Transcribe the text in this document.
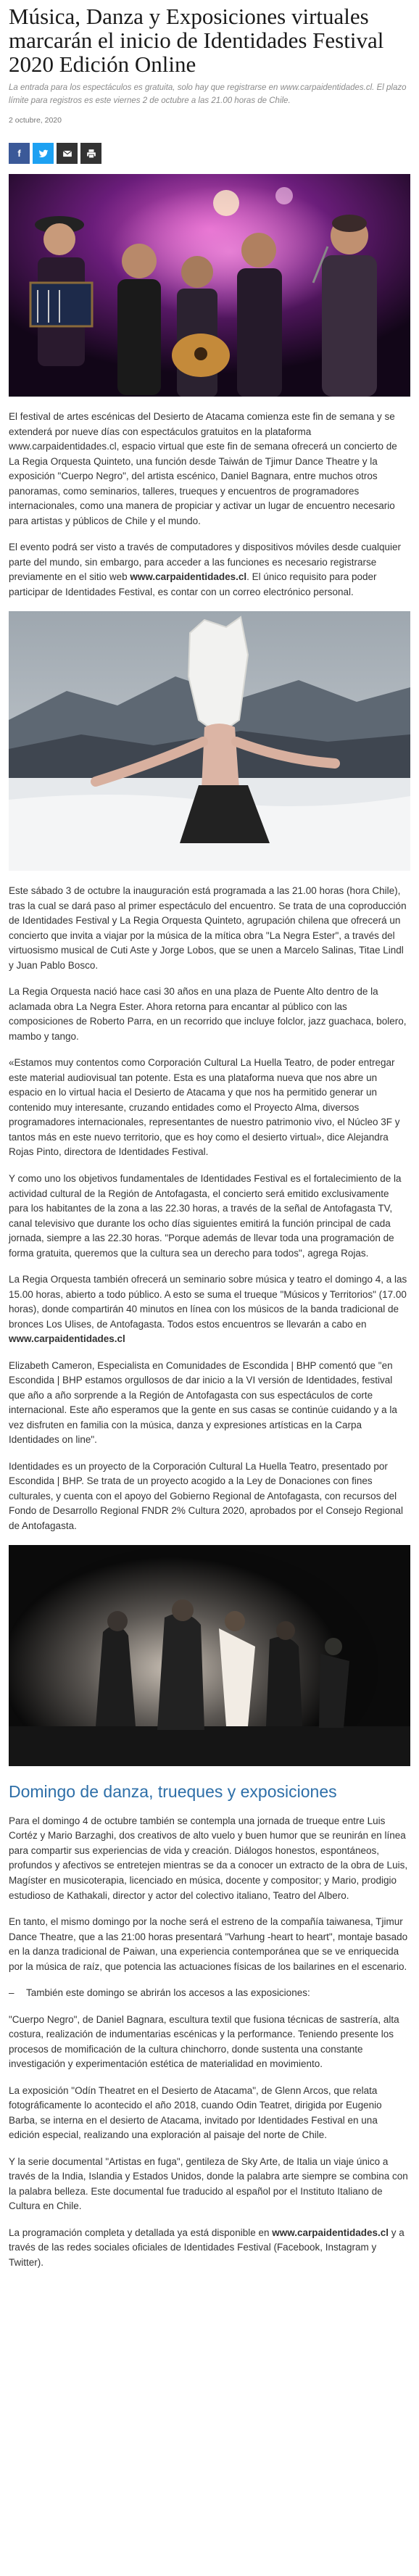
Música, Danza y Exposiciones virtuales marcarán el inicio de Identidades Festival 2020 Edición Online

La entrada para los espectáculos es gratuita, solo hay que registrarse en www.carpaidentidades.cl. El plazo límite para registros es este viernes 2 de octubre a las 21.00 horas de Chile.

2 octubre, 2020
f

El festival de artes escénicas del Desierto de Atacama comienza este fin de semana y se extenderá por nueve días con espectáculos gratuitos en la plataforma www.carpaidentidades.cl, espacio virtual que este fin de semana ofrecerá un concierto de La Regia Orquesta Quinteto, una función desde Taiwán de Tjimur Dance Theatre y la exposición "Cuerpo Negro", del artista escénico, Daniel Bagnara, entre muchos otros panoramas, como seminarios, talleres, trueques y encuentros de programadores internacionales, como una manera de propiciar y activar un lugar de encuentro necesario para artistas y públicos de Chile y el mundo.

El evento podrá ser visto a través de computadores y dispositivos móviles desde cualquier parte del mundo, sin embargo, para acceder a las funciones es necesario registrarse previamente en el sitio web www.carpaidentidades.cl. El único requisito para poder participar de Identidades Festival, es contar con un correo electrónico personal.

Este sábado 3 de octubre la inauguración está programada a las 21.00 horas (hora Chile), tras la cual se dará paso al primer espectáculo del encuentro. Se trata de una coproducción de Identidades Festival y La Regia Orquesta Quinteto, agrupación chilena que ofrecerá un concierto que invita a viajar por la música de la mítica obra "La Negra Ester", a través del virtuosismo musical de Cuti Aste y Jorge Lobos, que se unen a Marcelo Salinas, Titae Lindl y Juan Pablo Bosco.

La Regia Orquesta nació hace casi 30 años en una plaza de Puente Alto dentro de la aclamada obra La Negra Ester. Ahora retorna para encantar al público con las composiciones de Roberto Parra, en un recorrido que incluye folclor, jazz guachaca, bolero, mambo y tango.

«Estamos muy contentos como Corporación Cultural La Huella Teatro, de poder entregar este material audiovisual tan potente. Esta es una plataforma nueva que nos abre un espacio en lo virtual hacia el Desierto de Atacama y que nos ha permitido generar un contenido muy interesante, cruzando entidades como el Proyecto Alma, diversos programadores internacionales, representantes de nuestro patrimonio vivo, el Núcleo 3F y tantos más en este nuevo territorio, que es hoy como el desierto virtual», dice Alejandra Rojas Pinto, directora de Identidades Festival.

Y como uno los objetivos fundamentales de Identidades Festival es el fortalecimiento de la actividad cultural de la Región de Antofagasta, el concierto será emitido exclusivamente para los habitantes de la zona a las 22.30 horas, a través de la señal de Antofagasta TV, canal televisivo que durante los ocho días siguientes emitirá la función principal de cada jornada, siempre a las 22.30 horas. "Porque además de llevar toda una programación de forma gratuita, queremos que la cultura sea un derecho para todos", agrega Rojas.

La Regia Orquesta también ofrecerá un seminario sobre música y teatro el domingo 4, a las 15.00 horas, abierto a todo público. A esto se suma el trueque "Músicos y Territorios" (17.00 horas), donde compartirán 40 minutos en línea con los músicos de la banda tradicional de bronces Los Ulises, de Antofagasta. Todos estos encuentros se llevarán a cabo en www.carpaidentidades.cl

Elizabeth Cameron, Especialista en Comunidades de Escondida | BHP comentó que "en Escondida | BHP estamos orgullosos de dar inicio a la VI versión de Identidades, festival que año a año sorprende a la Región de Antofagasta con sus espectáculos de corte internacional. Este año esperamos que la gente en sus casas se continúe cuidando y a la vez disfruten en familia con la música, danza y expresiones artísticas en la Carpa Identidades on line".

Identidades es un proyecto de la Corporación Cultural La Huella Teatro, presentado por Escondida | BHP. Se trata de un proyecto acogido a la Ley de Donaciones con fines culturales, y cuenta con el apoyo del Gobierno Regional de Antofagasta, con recursos del Fondo de Desarrollo Regional FNDR 2% Cultura 2020, aprobados por el Consejo Regional de Antofagasta.

Domingo de danza, trueques y exposiciones

Para el domingo 4 de octubre también se contempla una jornada de trueque entre Luis Cortéz y Mario Barzaghi, dos creativos de alto vuelo y buen humor que se reunirán en línea para compartir sus experiencias de vida y creación. Diálogos honestos, espontáneos, profundos y afectivos se entretejen mientras se da a conocer un extracto de la obra de Luis, Magíster en musicoterapia, licenciado en música, docente y compositor; y Mario, prodigio estudioso de Kathakali, director y actor del colectivo italiano, Teatro del Albero.

En tanto, el mismo domingo por la noche será el estreno de la compañía taiwanesa, Tjimur Dance Theatre, que a las 21:00 horas presentará "Varhung -heart to heart", montaje basado en la danza tradicional de Paiwan, una experiencia contemporánea que se ve enriquecida por la música de raíz, que potencia las actuaciones físicas de los bailarines en el escenario.

– También este domingo se abrirán los accesos a las exposiciones:

"Cuerpo Negro", de Daniel Bagnara, escultura textil que fusiona técnicas de sastrería, alta costura, realización de indumentarias escénicas y la performance. Teniendo presente los procesos de momificación de la cultura chinchorro, donde sustenta una constante investigación y experimentación estética de materialidad en movimiento.

La exposición "Odín Theatret en el Desierto de Atacama", de Glenn Arcos, que relata fotográficamente lo acontecido el año 2018, cuando Odin Teatret, dirigida por Eugenio Barba, se interna en el desierto de Atacama, invitado por Identidades Festival en una edición especial, realizando una exploración al paisaje del norte de Chile.

Y la serie documental "Artistas en fuga", gentileza de Sky Arte, de Italia un viaje único a través de la India, Islandia y Estados Unidos, donde la palabra arte siempre se combina con la palabra belleza. Este documental fue traducido al español por el Instituto Italiano de Cultura en Chile.

La programación completa y detallada ya está disponible en www.carpaidentidades.cl y a través de las redes sociales oficiales de Identidades Festival (Facebook, Instagram y Twitter).
